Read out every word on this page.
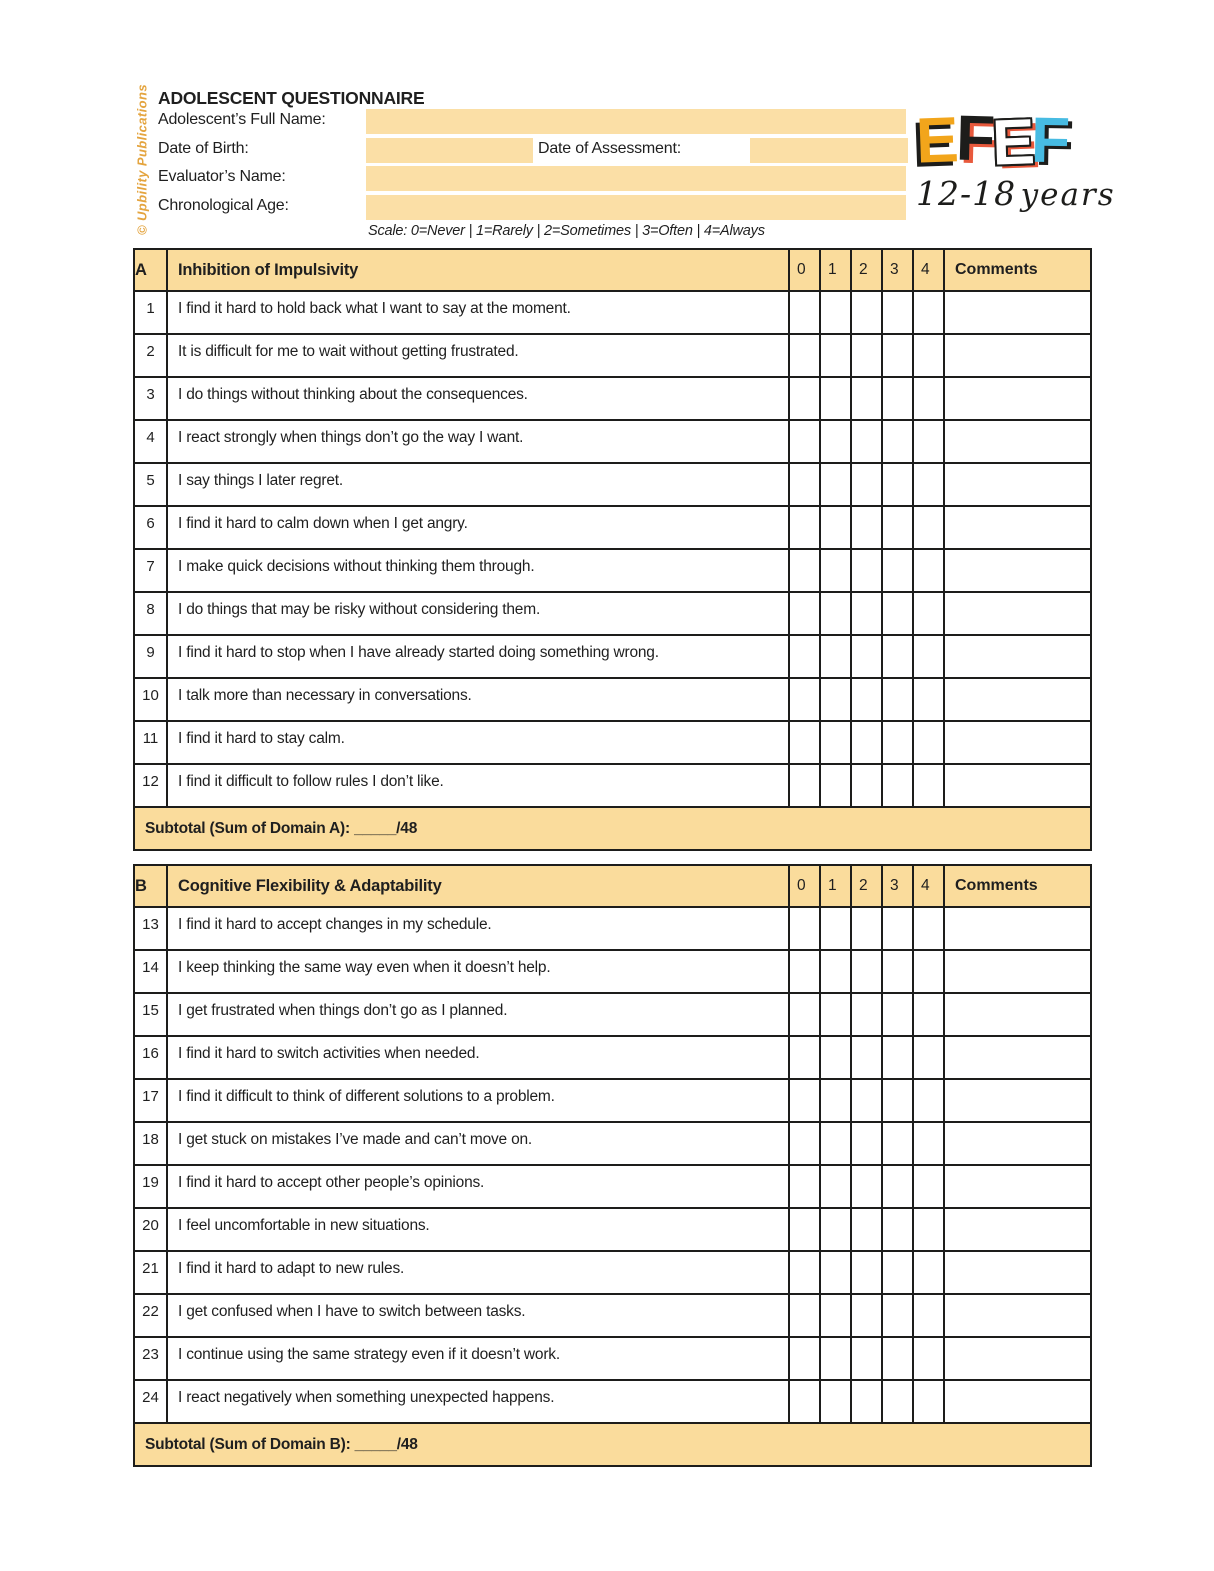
© Upbility Publications ADOLESCENT QUESTIONNAIRE
Adolescent’s Full Name:
Date of Birth:	Date of Assessment:
Evaluator’s Name:
Chronological Age:
Scale: 0=Never | 1=Rarely | 2=Sometimes | 3=Often | 4=Always
EFEF
12-18 years
A	Inhibition of Impulsivity	0	1	2	3	4	Comments
1	I find it hard to hold back what I want to say at the moment.						
2	It is difficult for me to wait without getting frustrated.						
3	I do things without thinking about the consequences.						
4	I react strongly when things don’t go the way I want.						
5	I say things I later regret.						
6	I find it hard to calm down when I get angry.						
7	I make quick decisions without thinking them through.						
8	I do things that may be risky without considering them.						
9	I find it hard to stop when I have already started doing something wrong.						
10	I talk more than necessary in conversations.						
11	I find it hard to stay calm.						
12	I find it difficult to follow rules I don’t like.						
Subtotal (Sum of Domain A): _____/48							
B	Cognitive Flexibility & Adaptability	0	1	2	3	4	Comments
13	I find it hard to accept changes in my schedule.						
14	I keep thinking the same way even when it doesn’t help.						
15	I get frustrated when things don’t go as I planned.						
16	I find it hard to switch activities when needed.						
17	I find it difficult to think of different solutions to a problem.						
18	I get stuck on mistakes I’ve made and can’t move on.						
19	I find it hard to accept other people’s opinions.						
20	I feel uncomfortable in new situations.						
21	I find it hard to adapt to new rules.						
22	I get confused when I have to switch between tasks.						
23	I continue using the same strategy even if it doesn’t work.						
24	I react negatively when something unexpected happens.						
Subtotal (Sum of Domain B): _____/48							
